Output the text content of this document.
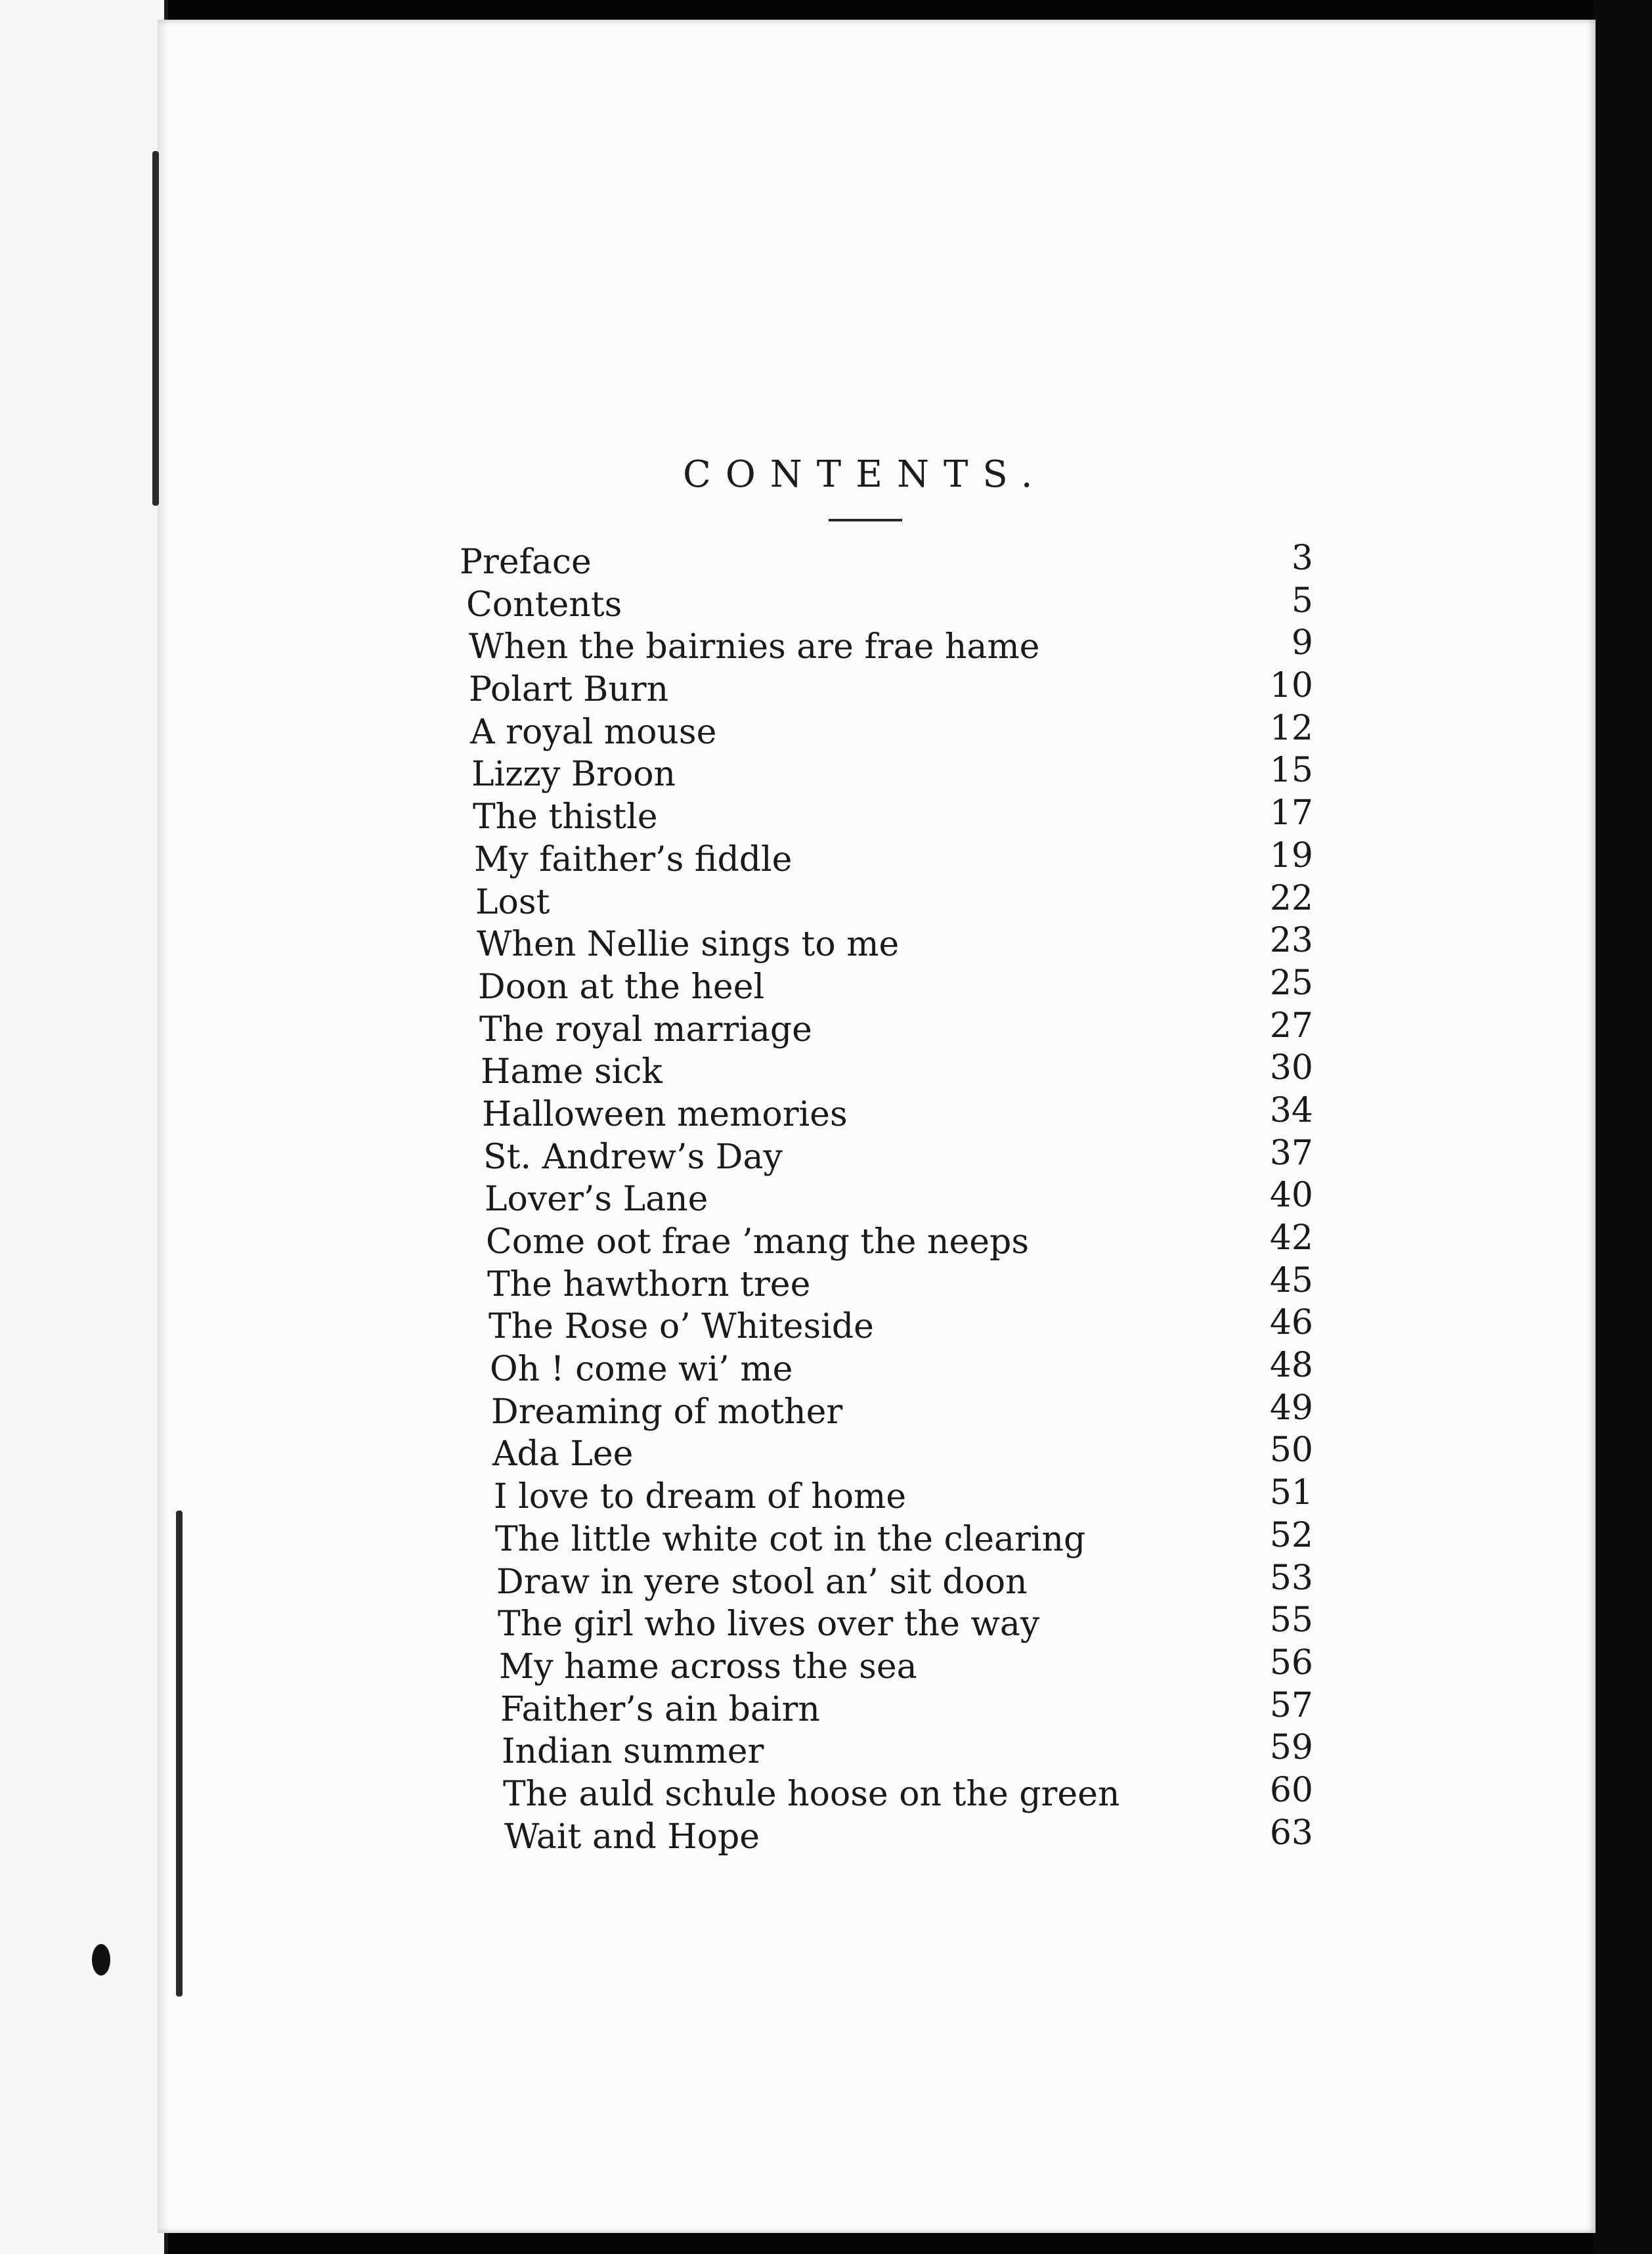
CONTENTS.
Preface	3
Contents	5
When the bairnies are frae hame	9
Polart Burn	10
A royal mouse	12
Lizzy Broon	15
The thistle	17
My faither’s fiddle	19
Lost	22
When Nellie sings to me	23
Doon at the heel	25
The royal marriage	27
Hame sick	30
Halloween memories	34
St. Andrew’s Day	37
Lover’s Lane	40
Come oot frae ’mang the neeps	42
The hawthorn tree	45
The Rose o’ Whiteside	46
Oh ! come wi’ me	48
Dreaming of mother	49
Ada Lee	50
I love to dream of home	51
The little white cot in the clearing	52
Draw in yere stool an’ sit doon	53
The girl who lives over the way	55
My hame across the sea	56
Faither’s ain bairn	57
Indian summer	59
The auld schule hoose on the green	60
Wait and Hope	63
